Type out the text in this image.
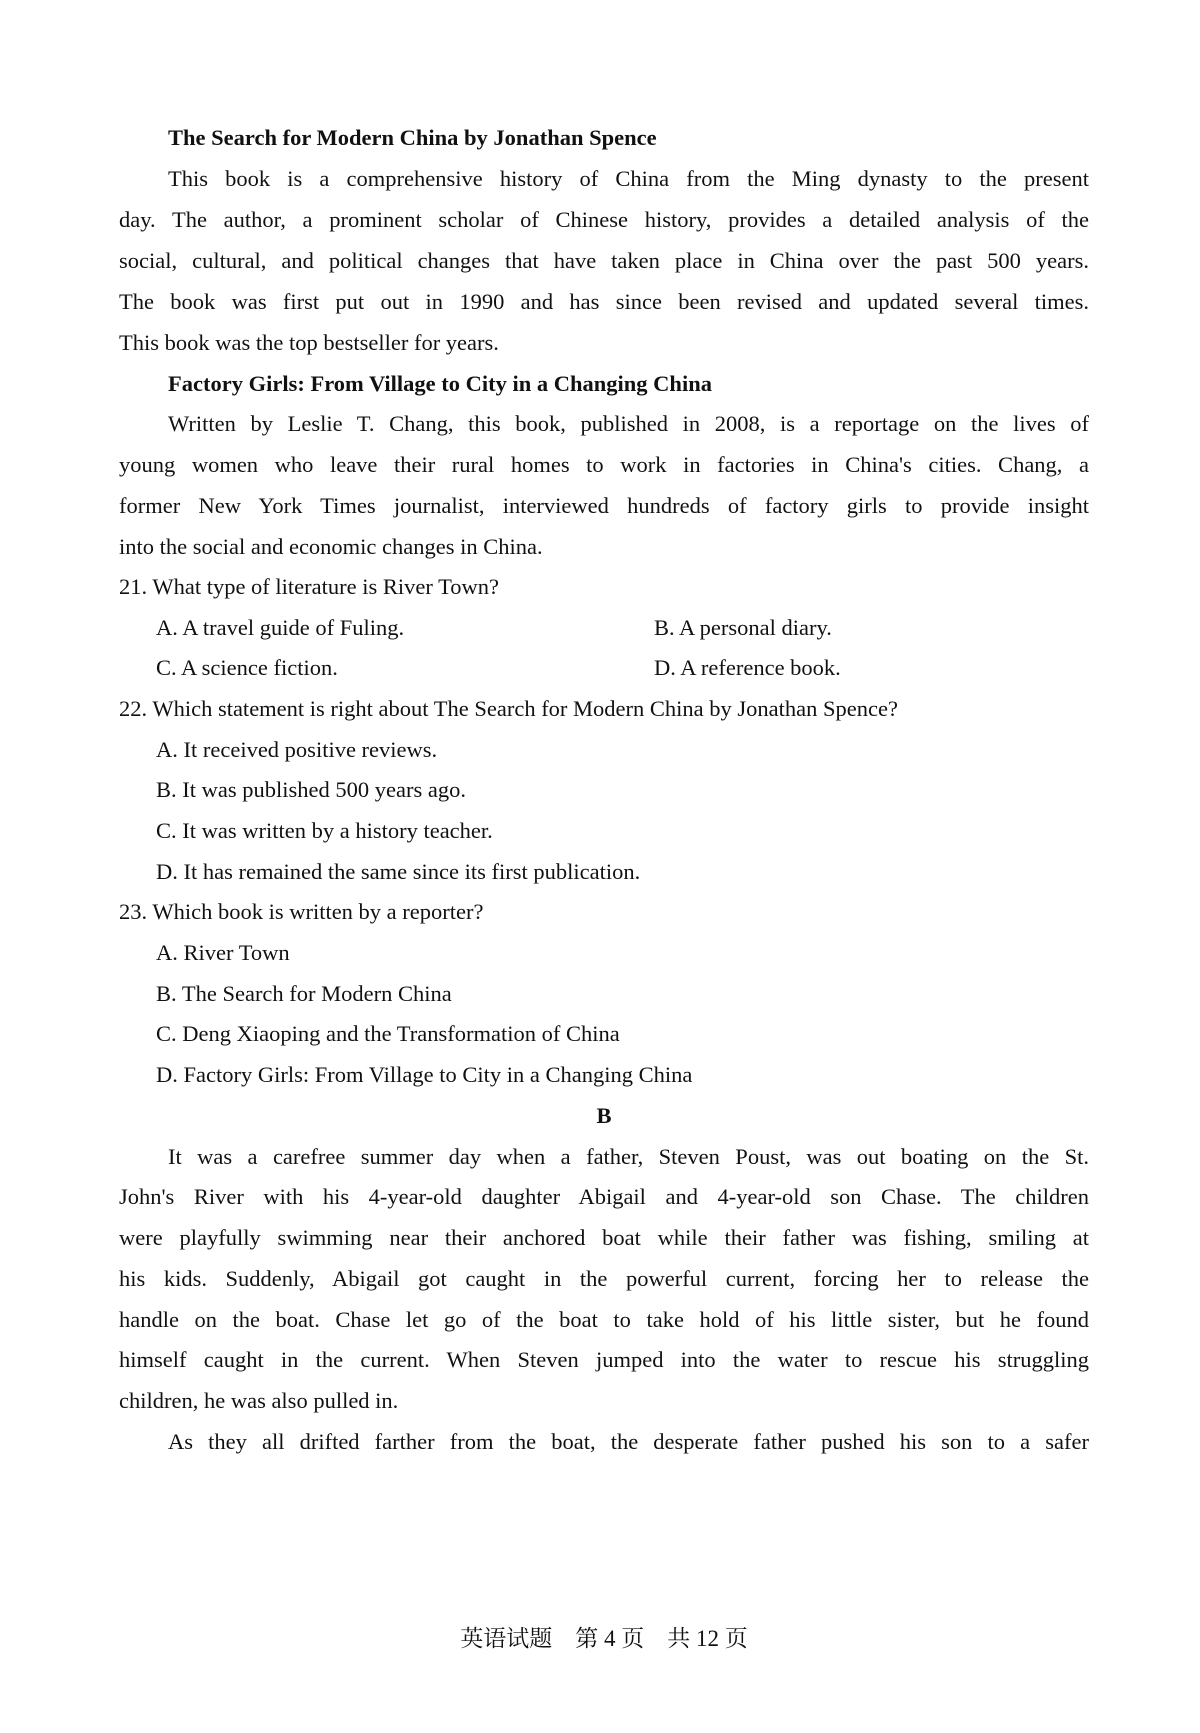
The Search for Modern China by Jonathan Spence
This book is a comprehensive history of China from the Ming dynasty to the present
day. The author, a prominent scholar of Chinese history, provides a detailed analysis of the
social, cultural, and political changes that have taken place in China over the past 500 years.
The book was first put out in 1990 and has since been revised and updated several times.
This book was the top bestseller for years.
Factory Girls: From Village to City in a Changing China
Written by Leslie T. Chang, this book, published in 2008, is a reportage on the lives of
young women who leave their rural homes to work in factories in China's cities. Chang, a
former New York Times journalist, interviewed hundreds of factory girls to provide insight
into the social and economic changes in China.
21. What type of literature is River Town?
A. A travel guide of Fuling.	B. A personal diary.
C. A science fiction.	D. A reference book.
22. Which statement is right about The Search for Modern China by Jonathan Spence?
A. It received positive reviews.
B. It was published 500 years ago.
C. It was written by a history teacher.
D. It has remained the same since its first publication.
23. Which book is written by a reporter?
A. River Town
B. The Search for Modern China
C. Deng Xiaoping and the Transformation of China
D. Factory Girls: From Village to City in a Changing China
B
It was a carefree summer day when a father, Steven Poust, was out boating on the St.
John's River with his 4-year-old daughter Abigail and 4-year-old son Chase. The children
were playfully swimming near their anchored boat while their father was fishing, smiling at
his kids. Suddenly, Abigail got caught in the powerful current, forcing her to release the
handle on the boat. Chase let go of the boat to take hold of his little sister, but he found
himself caught in the current. When Steven jumped into the water to rescue his struggling
children, he was also pulled in.
As they all drifted farther from the boat, the desperate father pushed his son to a safer
英语试题　第 4 页　共 12 页
